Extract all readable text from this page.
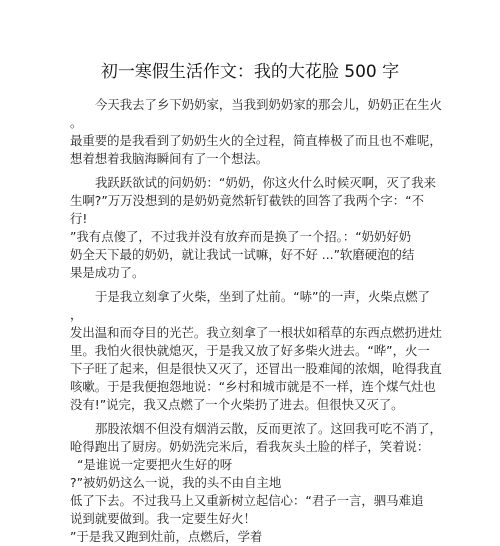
初一寒假生活作文：我的大花脸 500 字
今天我去了乡下奶奶家，当我到奶奶家的那会儿，奶奶正在生火
。
最重要的是我看到了奶奶生火的全过程，简直棒极了而且也不难呢，
想着想着我脑海瞬间有了一个想法。
我跃跃欲试的问奶奶：“奶奶，你这火什么时候灭啊，灭了我来
生啊?”万万没想到的是奶奶竟然斩钉截铁的回答了我两个字：“不
行!
”我有点傻了，不过我并没有放弃而是换了一个招。：“奶奶好奶
奶全天下最的奶奶，就让我试一试嘛，好不好 ...”软磨硬泡的结
果是成功了。
于是我立刻拿了火柴，坐到了灶前。“哧”的一声，火柴点燃了
，
发出温和而夺目的光芒。我立刻拿了一根状如稻草的东西点燃扔进灶
里。我怕火很快就熄灭，于是我又放了好多柴火进去。“哗”，火一
下子旺了起来，但是很快又灭了，还冒出一股难闻的浓烟，呛得我直
咳嗽。于是我便抱怨地说：“乡村和城市就是不一样，连个煤气灶也
没有!”说完，我又点燃了一个火柴扔了进去。但很快又灭了。
那股浓烟不但没有烟消云散，反而更浓了。这回我可吃不消了，
呛得跑出了厨房。奶奶洗完米后，看我灰头土脸的样子，笑着说：
“是谁说一定要把火生好的呀
?”被奶奶这么一说，我的头不由自主地
低了下去。不过我马上又重新树立起信心：“君子一言，驷马难追
说到就要做到。我一定要生好火！
”于是我又跑到灶前，点燃后，学着
